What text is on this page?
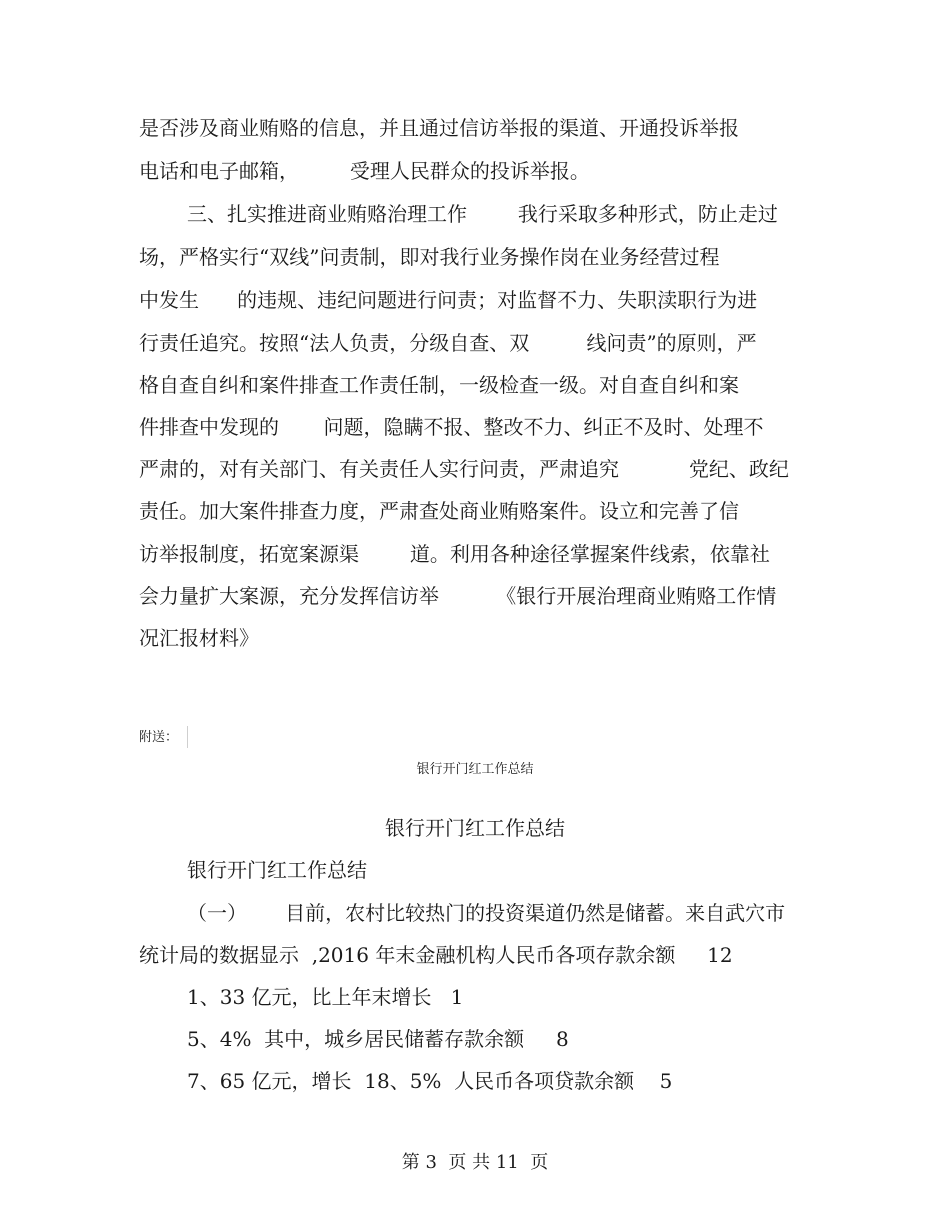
是否涉及商业贿赂的信息，并且通过信访举报的渠道、开通投诉举报
电话和电子邮箱，        受理人民群众的投诉举报。
三、扎实推进商业贿赂治理工作        我行采取多种形式，防止走过
场，严格实行“双线”问责制，即对我行业务操作岗在业务经营过程
中发生      的违规、违纪问题进行问责；对监督不力、失职渎职行为进
行责任追究。按照“法人负责，分级自查、双         线问责”的原则，严
格自查自纠和案件排查工作责任制，一级检查一级。对自查自纠和案
件排查中发现的       问题，隐瞒不报、整改不力、纠正不及时、处理不
严肃的，对有关部门、有关责任人实行问责，严肃追究           党纪、政纪
责任。加大案件排查力度，严肃查处商业贿赂案件。设立和完善了信
访举报制度，拓宽案源渠        道。利用各种途径掌握案件线索，依靠社
会力量扩大案源，充分发挥信访举         《银行开展治理商业贿赂工作情
况汇报材料》
附送：
银行开门红工作总结
银行开门红工作总结
银行开门红工作总结
（一）      目前，农村比较热门的投资渠道仍然是储蓄。来自武穴市
统计局的数据显示  ,2016 年末金融机构人民币各项存款余额     12
1、33 亿元，比上年末增长   1
5、4%  其中，城乡居民储蓄存款余额     8
7、65 亿元，增长  18、5%  人民币各项贷款余额    5
第 3  页 共 11  页
